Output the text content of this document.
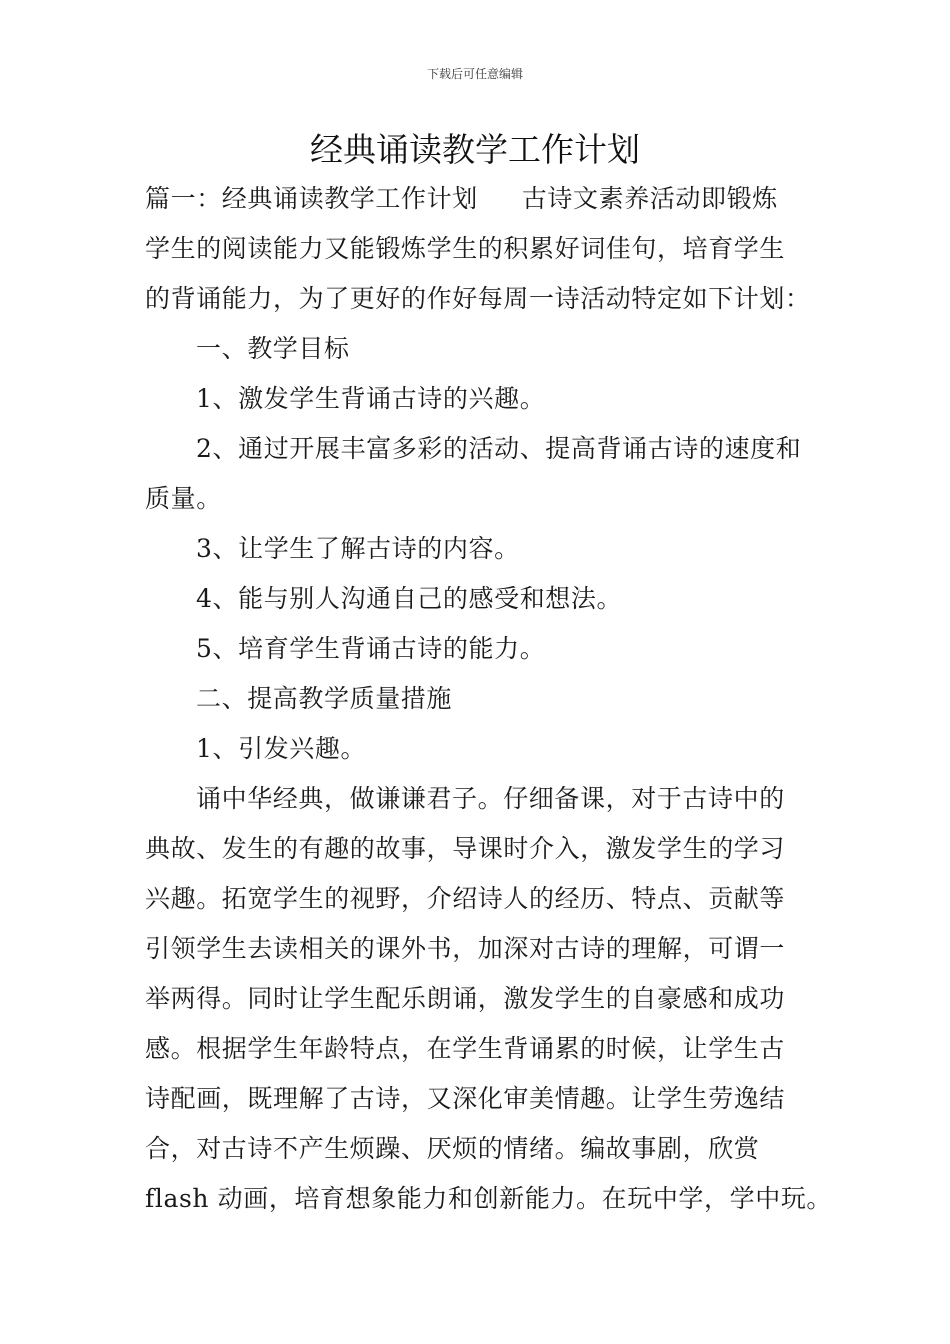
下载后可任意编辑
经典诵读教学工作计划
篇一：经典诵读教学工作计划 古诗文素养活动即锻炼
学生的阅读能力又能锻炼学生的积累好词佳句，培育学生
的背诵能力，为了更好的作好每周一诗活动特定如下计划：
一、教学目标
1、激发学生背诵古诗的兴趣。
2、通过开展丰富多彩的活动、提高背诵古诗的速度和
质量。
3、让学生了解古诗的内容。
4、能与别人沟通自己的感受和想法。
5、培育学生背诵古诗的能力。
二、提高教学质量措施
1、引发兴趣。
诵中华经典，做谦谦君子。仔细备课，对于古诗中的
典故、发生的有趣的故事，导课时介入，激发学生的学习
兴趣。拓宽学生的视野，介绍诗人的经历、特点、贡献等
引领学生去读相关的课外书，加深对古诗的理解，可谓一
举两得。同时让学生配乐朗诵，激发学生的自豪感和成功
感。根据学生年龄特点，在学生背诵累的时候，让学生古
诗配画，既理解了古诗，又深化审美情趣。让学生劳逸结
合，对古诗不产生烦躁、厌烦的情绪。编故事剧，欣赏
flash 动画，培育想象能力和创新能力。在玩中学，学中玩。
